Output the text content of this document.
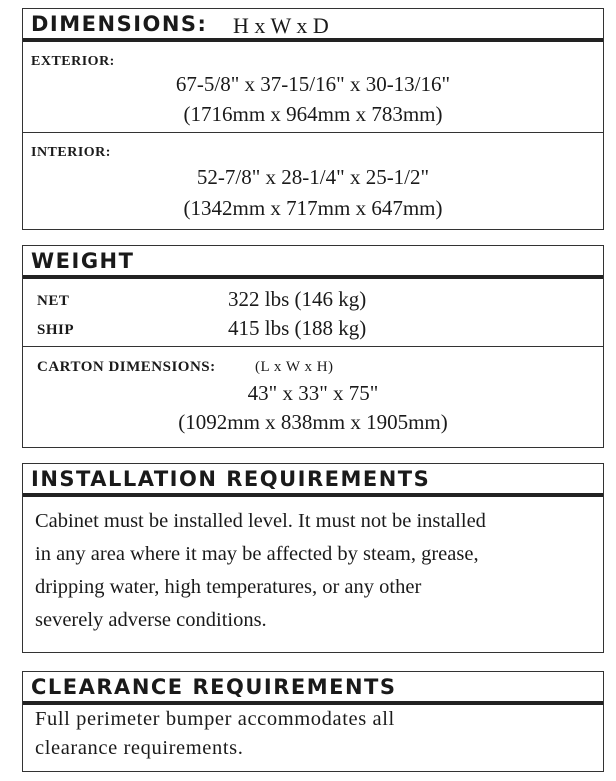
DIMENSIONS: H x W x D
EXTERIOR:
67-5/8" x 37-15/16" x 30-13/16"
(1716mm x 964mm x 783mm)
INTERIOR:
52-7/8" x 28-1/4" x 25-1/2"
(1342mm x 717mm x 647mm)
WEIGHT
NET	322 lbs (146 kg)
SHIP	415 lbs (188 kg)
CARTON DIMENSIONS:	(L x W x H)
43" x 33" x 75"
(1092mm x 838mm x 1905mm)
INSTALLATION REQUIREMENTS
Cabinet must be installed level. It must not be installed
in any area where it may be affected by steam, grease,
dripping water, high temperatures, or any other
severely adverse conditions.
CLEARANCE REQUIREMENTS
Full perimeter bumper accommodates all
clearance requirements.
